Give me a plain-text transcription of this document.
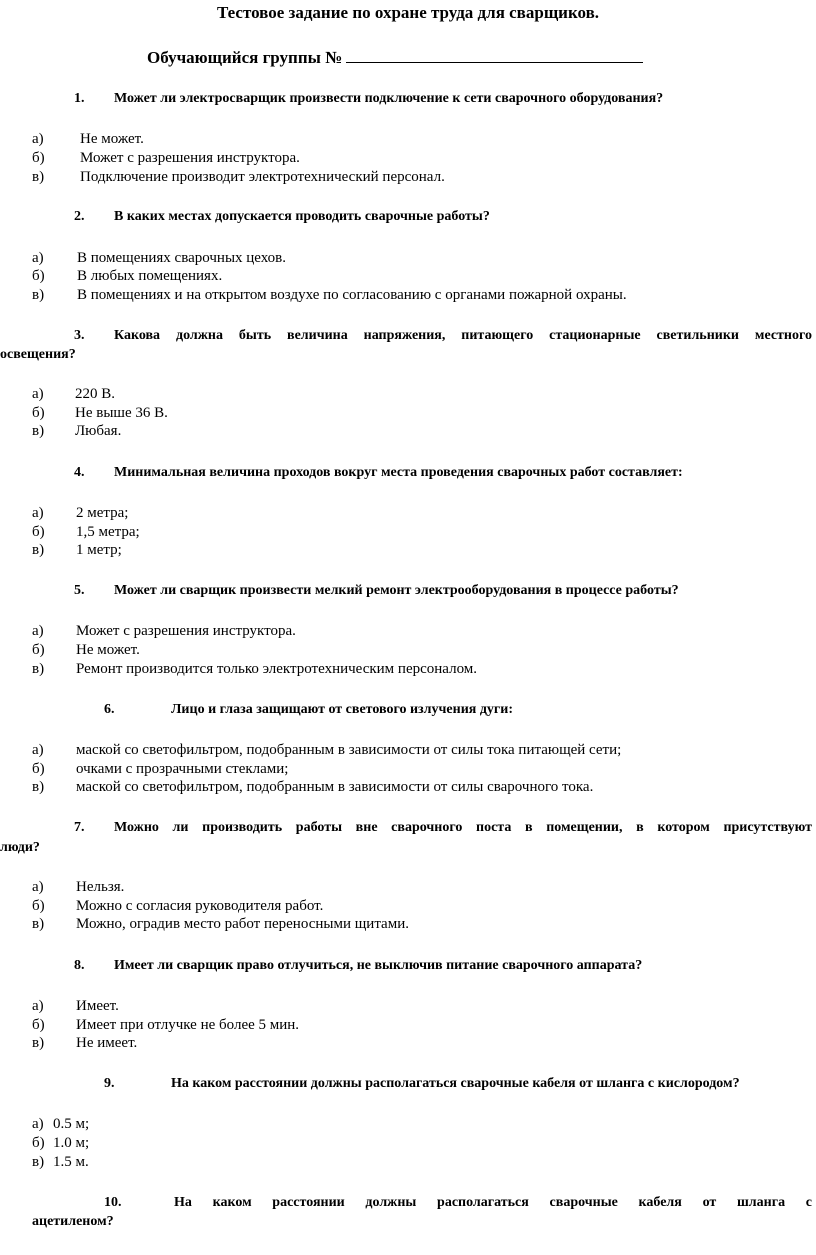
Тестовое задание по охране труда для сварщиков.
Обучающийся группы №
1. Может ли электросварщик произвести подключение к сети сварочного оборудования?
а) Не может.
б) Может с разрешения инструктора.
в) Подключение производит электротехнический персонал.
2. В каких местах допускается проводить сварочные работы?
а) В помещениях сварочных цехов.
б) В любых помещениях.
в) В помещениях и на открытом воздухе по согласованию с органами пожарной охраны.
3. Какова должна быть величина напряжения, питающего стационарные светильники местного
освещения?
а) 220 В.
б) Не выше 36 В.
в) Любая.
4. Минимальная величина проходов вокруг места проведения сварочных работ составляет:
а) 2 метра;
б) 1,5 метра;
в) 1 метр;
5. Может ли сварщик произвести мелкий ремонт электрооборудования в процессе работы?
а) Может с разрешения инструктора.
б) Не может.
в) Ремонт производится только электротехническим персоналом.
6.	Лицо и глаза защищают от светового излучения дуги:
а) маской со светофильтром, подобранным в зависимости от силы тока питающей сети;
б) очками с прозрачными стеклами;
в) маской со светофильтром, подобранным в зависимости от силы сварочного тока.
7. Можно ли производить работы вне сварочного поста в помещении, в котором присутствуют
люди?
а) Нельзя.
б) Можно с согласия руководителя работ.
в) Можно, оградив место работ переносными щитами.
8. Имеет ли сварщик право отлучиться, не выключив питание сварочного аппарата?
а) Имеет.
б) Имеет при отлучке не более 5 мин.
в) Не имеет.
9.	На каком расстоянии должны располагаться сварочные кабеля от шланга с кислородом?
а) 0.5 м;
б) 1.0 м;
в) 1.5 м.
10.	На каком расстоянии должны располагаться сварочные кабеля от шланга с
ацетиленом?
